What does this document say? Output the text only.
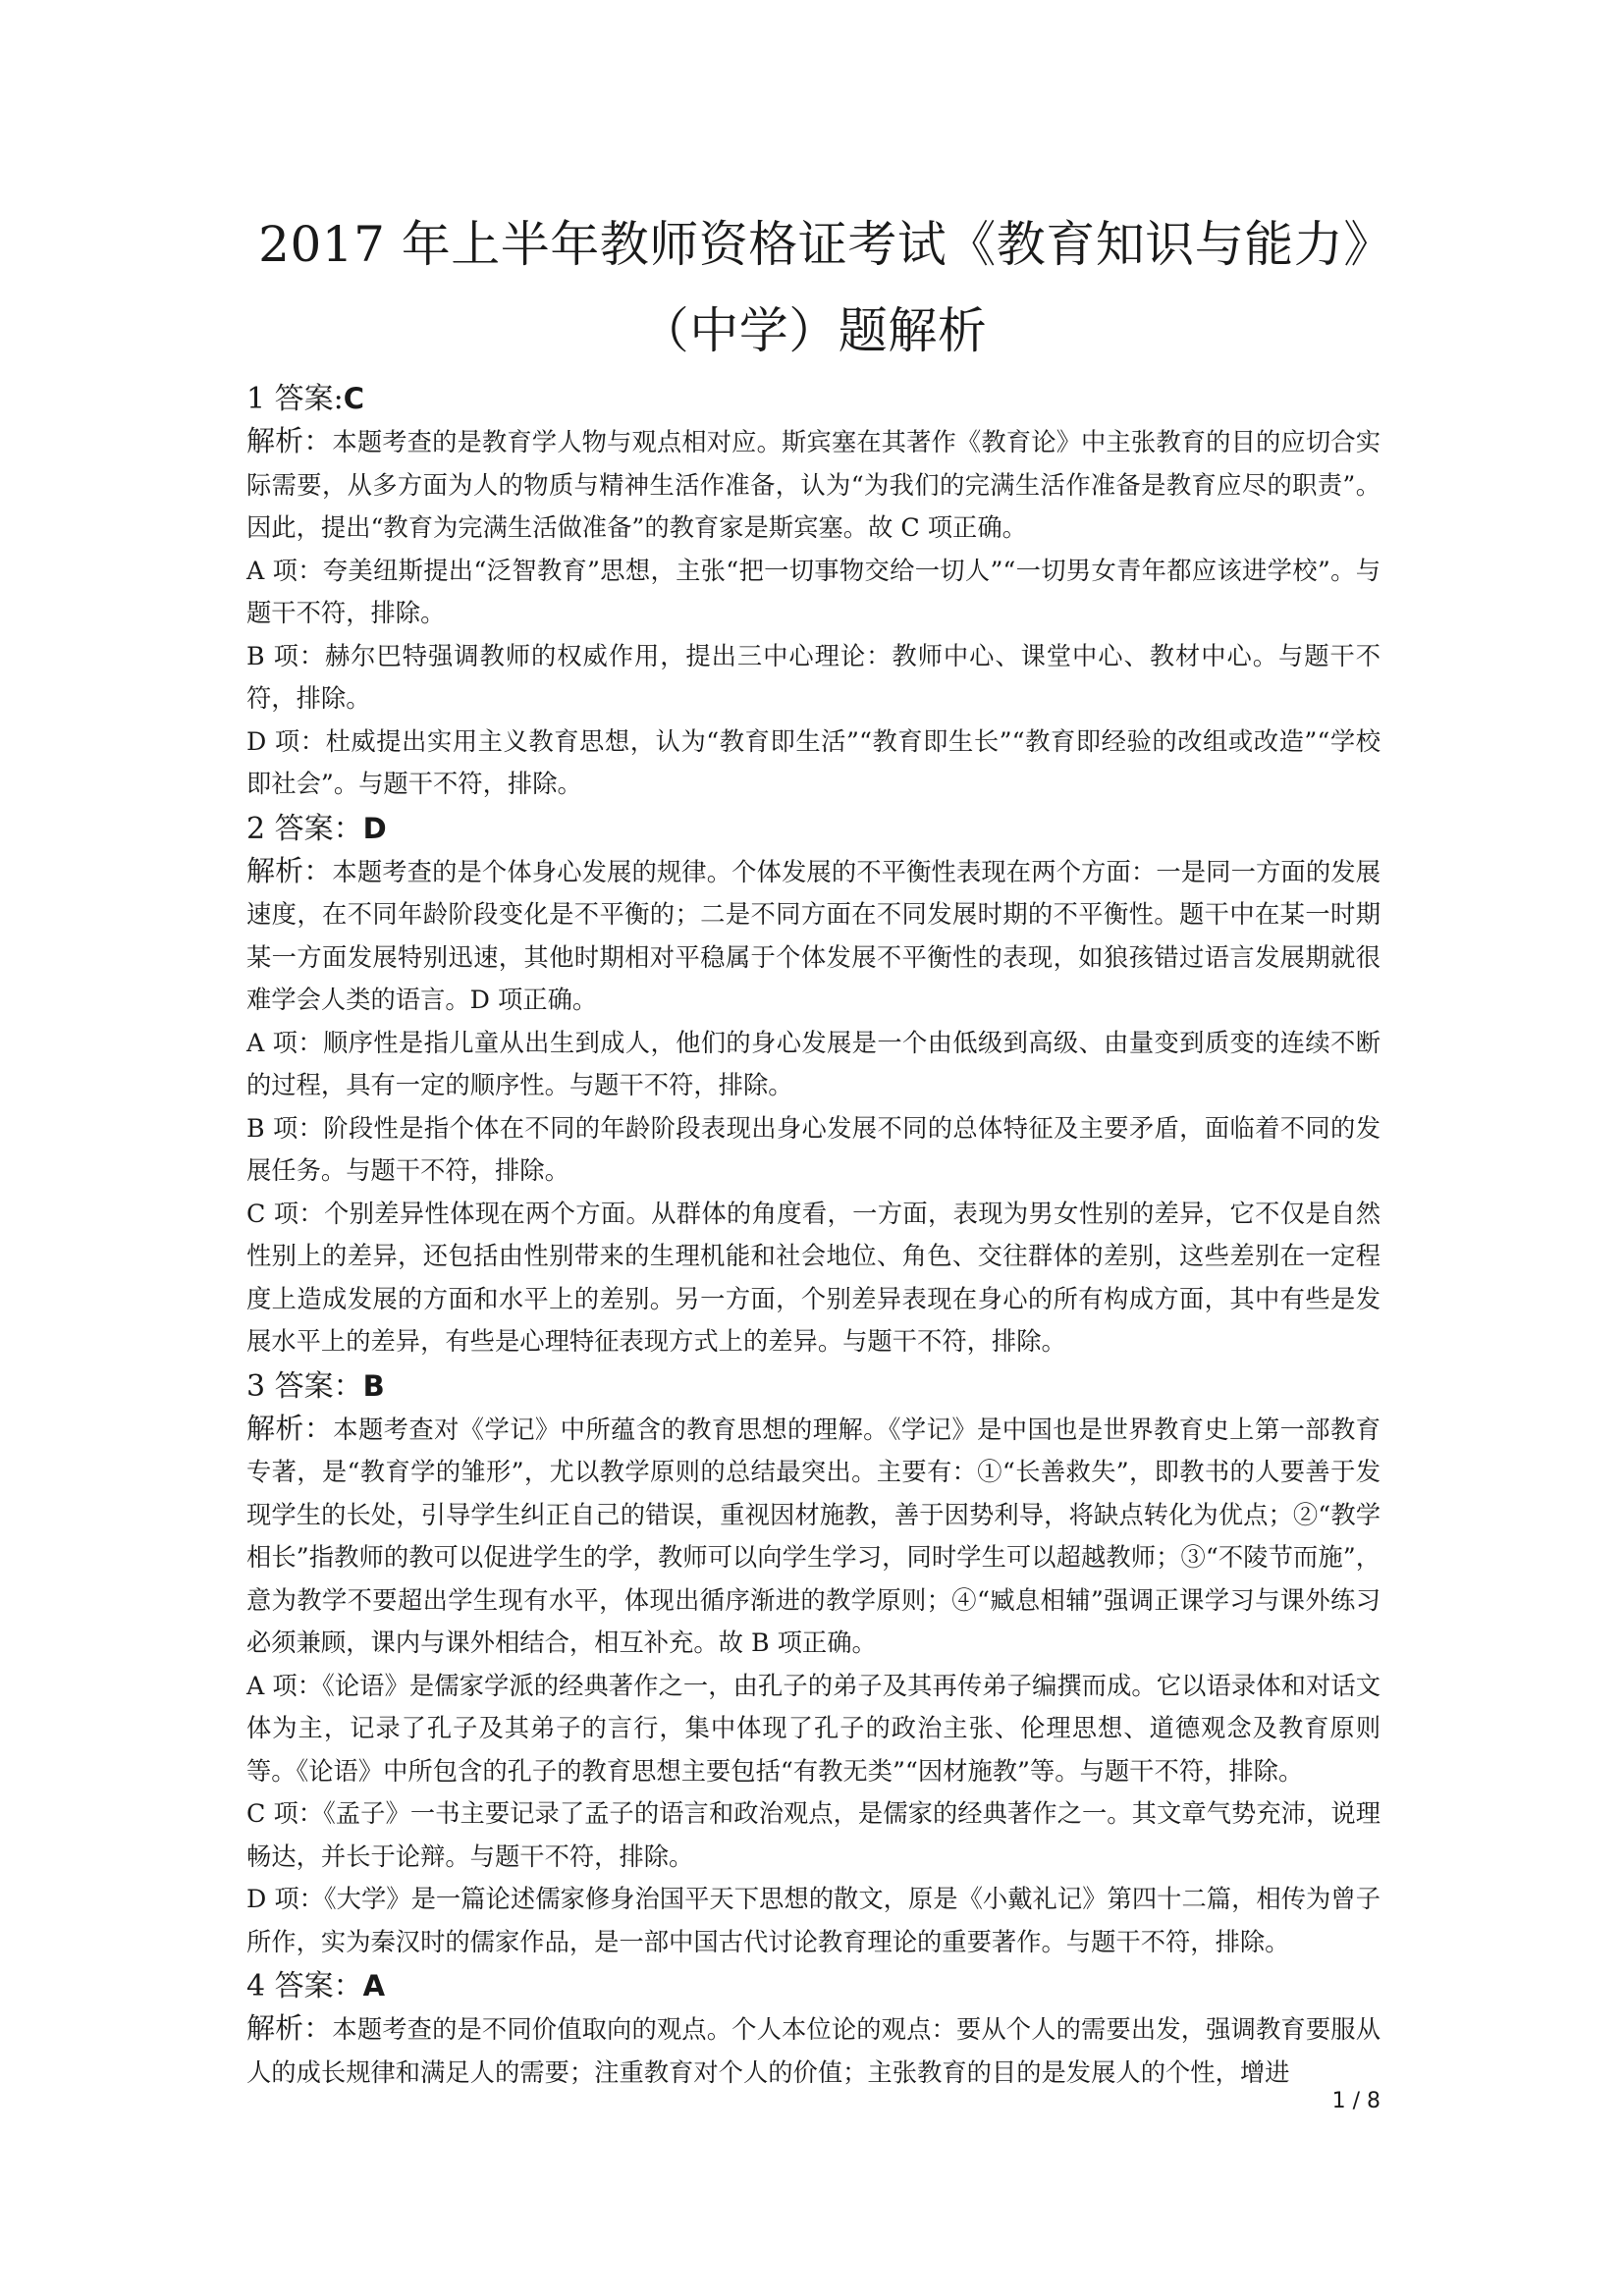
2017 年上半年教师资格证考试《教育知识与能力》（中学）题解析
1 答案:C

解析：本题考查的是教育学人物与观点相对应。斯宾塞在其著作《教育论》中主张教育的目的应切合实际需要，从多方面为人的物质与精神生活作准备，认为“为我们的完满生活作准备是教育应尽的职责”。因此，提出“教育为完满生活做准备”的教育家是斯宾塞。故 C 项正确。

A 项：夸美纽斯提出“泛智教育”思想，主张“把一切事物交给一切人”“一切男女青年都应该进学校”。与题干不符，排除。

B 项：赫尔巴特强调教师的权威作用，提出三中心理论：教师中心、课堂中心、教材中心。与题干不符，排除。

D 项：杜威提出实用主义教育思想，认为“教育即生活”“教育即生长”“教育即经验的改组或改造”“学校即社会”。与题干不符，排除。

2 答案：D

解析：本题考查的是个体身心发展的规律。个体发展的不平衡性表现在两个方面：一是同一方面的发展速度，在不同年龄阶段变化是不平衡的；二是不同方面在不同发展时期的不平衡性。题干中在某一时期某一方面发展特别迅速，其他时期相对平稳属于个体发展不平衡性的表现，如狼孩错过语言发展期就很难学会人类的语言。D 项正确。

A 项：顺序性是指儿童从出生到成人，他们的身心发展是一个由低级到高级、由量变到质变的连续不断的过程，具有一定的顺序性。与题干不符，排除。

B 项：阶段性是指个体在不同的年龄阶段表现出身心发展不同的总体特征及主要矛盾，面临着不同的发展任务。与题干不符，排除。

C 项：个别差异性体现在两个方面。从群体的角度看，一方面，表现为男女性别的差异，它不仅是自然性别上的差异，还包括由性别带来的生理机能和社会地位、角色、交往群体的差别，这些差别在一定程度上造成发展的方面和水平上的差别。另一方面，个别差异表现在身心的所有构成方面，其中有些是发展水平上的差异，有些是心理特征表现方式上的差异。与题干不符，排除。

3 答案：B

解析：本题考查对《学记》中所蕴含的教育思想的理解。《学记》是中国也是世界教育史上第一部教育专著，是“教育学的雏形”，尤以教学原则的总结最突出。主要有：①“长善救失”，即教书的人要善于发现学生的长处，引导学生纠正自己的错误，重视因材施教，善于因势利导，将缺点转化为优点；②“教学相长”指教师的教可以促进学生的学，教师可以向学生学习，同时学生可以超越教师；③“不陵节而施”，意为教学不要超出学生现有水平，体现出循序渐进的教学原则；④“臧息相辅”强调正课学习与课外练习必须兼顾，课内与课外相结合，相互补充。故 B 项正确。

A 项：《论语》是儒家学派的经典著作之一，由孔子的弟子及其再传弟子编撰而成。它以语录体和对话文体为主，记录了孔子及其弟子的言行，集中体现了孔子的政治主张、伦理思想、道德观念及教育原则等。《论语》中所包含的孔子的教育思想主要包括“有教无类”“因材施教”等。与题干不符，排除。

C 项：《孟子》一书主要记录了孟子的语言和政治观点，是儒家的经典著作之一。其文章气势充沛，说理畅达，并长于论辩。与题干不符，排除。

D 项：《大学》是一篇论述儒家修身治国平天下思想的散文，原是《小戴礼记》第四十二篇，相传为曾子所作，实为秦汉时的儒家作品，是一部中国古代讨论教育理论的重要著作。与题干不符，排除。

4 答案：A

解析：本题考查的是不同价值取向的观点。个人本位论的观点：要从个人的需要出发，强调教育要服从人的成长规律和满足人的需要；注重教育对个人的价值；主张教育的目的是发展人的个性，增进

1 / 8
